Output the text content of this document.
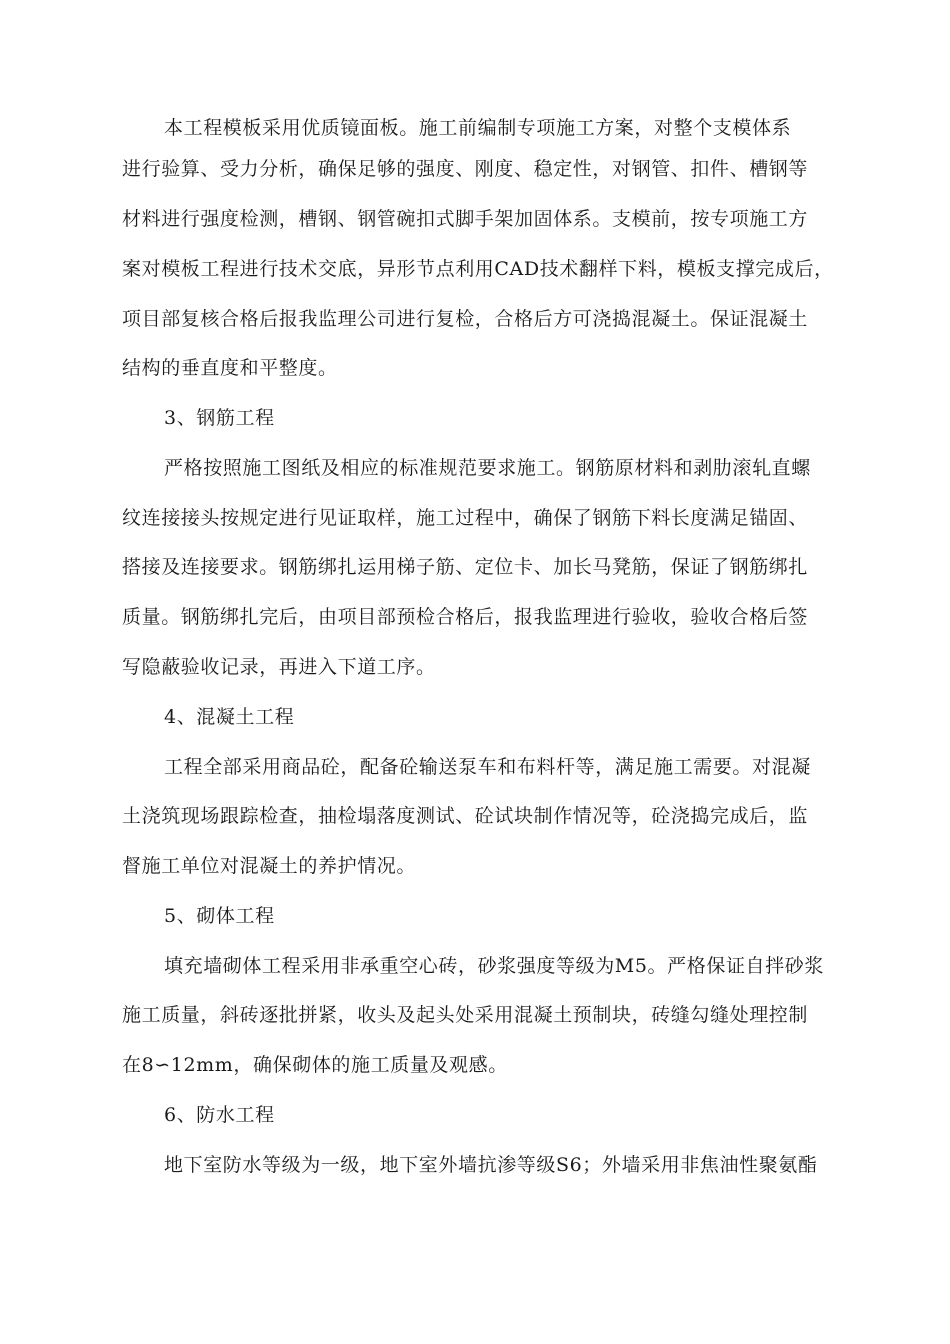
本工程模板采用优质镜面板。施工前编制专项施工方案，对整个支模体系
进行验算、受力分析，确保足够的强度、刚度、稳定性，对钢管、扣件、槽钢等
材料进行强度检测，槽钢、钢管碗扣式脚手架加固体系。支模前，按专项施工方
案对模板工程进行技术交底，异形节点利用CAD技术翻样下料，模板支撑完成后，
项目部复核合格后报我监理公司进行复检，合格后方可浇捣混凝土。保证混凝土
结构的垂直度和平整度。
3、钢筋工程
严格按照施工图纸及相应的标准规范要求施工。钢筋原材料和剥肋滚轧直螺
纹连接接头按规定进行见证取样，施工过程中，确保了钢筋下料长度满足锚固、
搭接及连接要求。钢筋绑扎运用梯子筋、定位卡、加长马凳筋，保证了钢筋绑扎
质量。钢筋绑扎完后，由项目部预检合格后，报我监理进行验收，验收合格后签
写隐蔽验收记录，再进入下道工序。
4、混凝土工程
工程全部采用商品砼，配备砼输送泵车和布料杆等，满足施工需要。对混凝
土浇筑现场跟踪检查，抽检塌落度测试、砼试块制作情况等，砼浇捣完成后，监
督施工单位对混凝土的养护情况。
5、砌体工程
填充墙砌体工程采用非承重空心砖，砂浆强度等级为M5。严格保证自拌砂浆
施工质量，斜砖逐批拼紧，收头及起头处采用混凝土预制块，砖缝勾缝处理控制
在8∽12mm，确保砌体的施工质量及观感。
6、防水工程
地下室防水等级为一级，地下室外墙抗渗等级S6；外墙采用非焦油性聚氨酯
